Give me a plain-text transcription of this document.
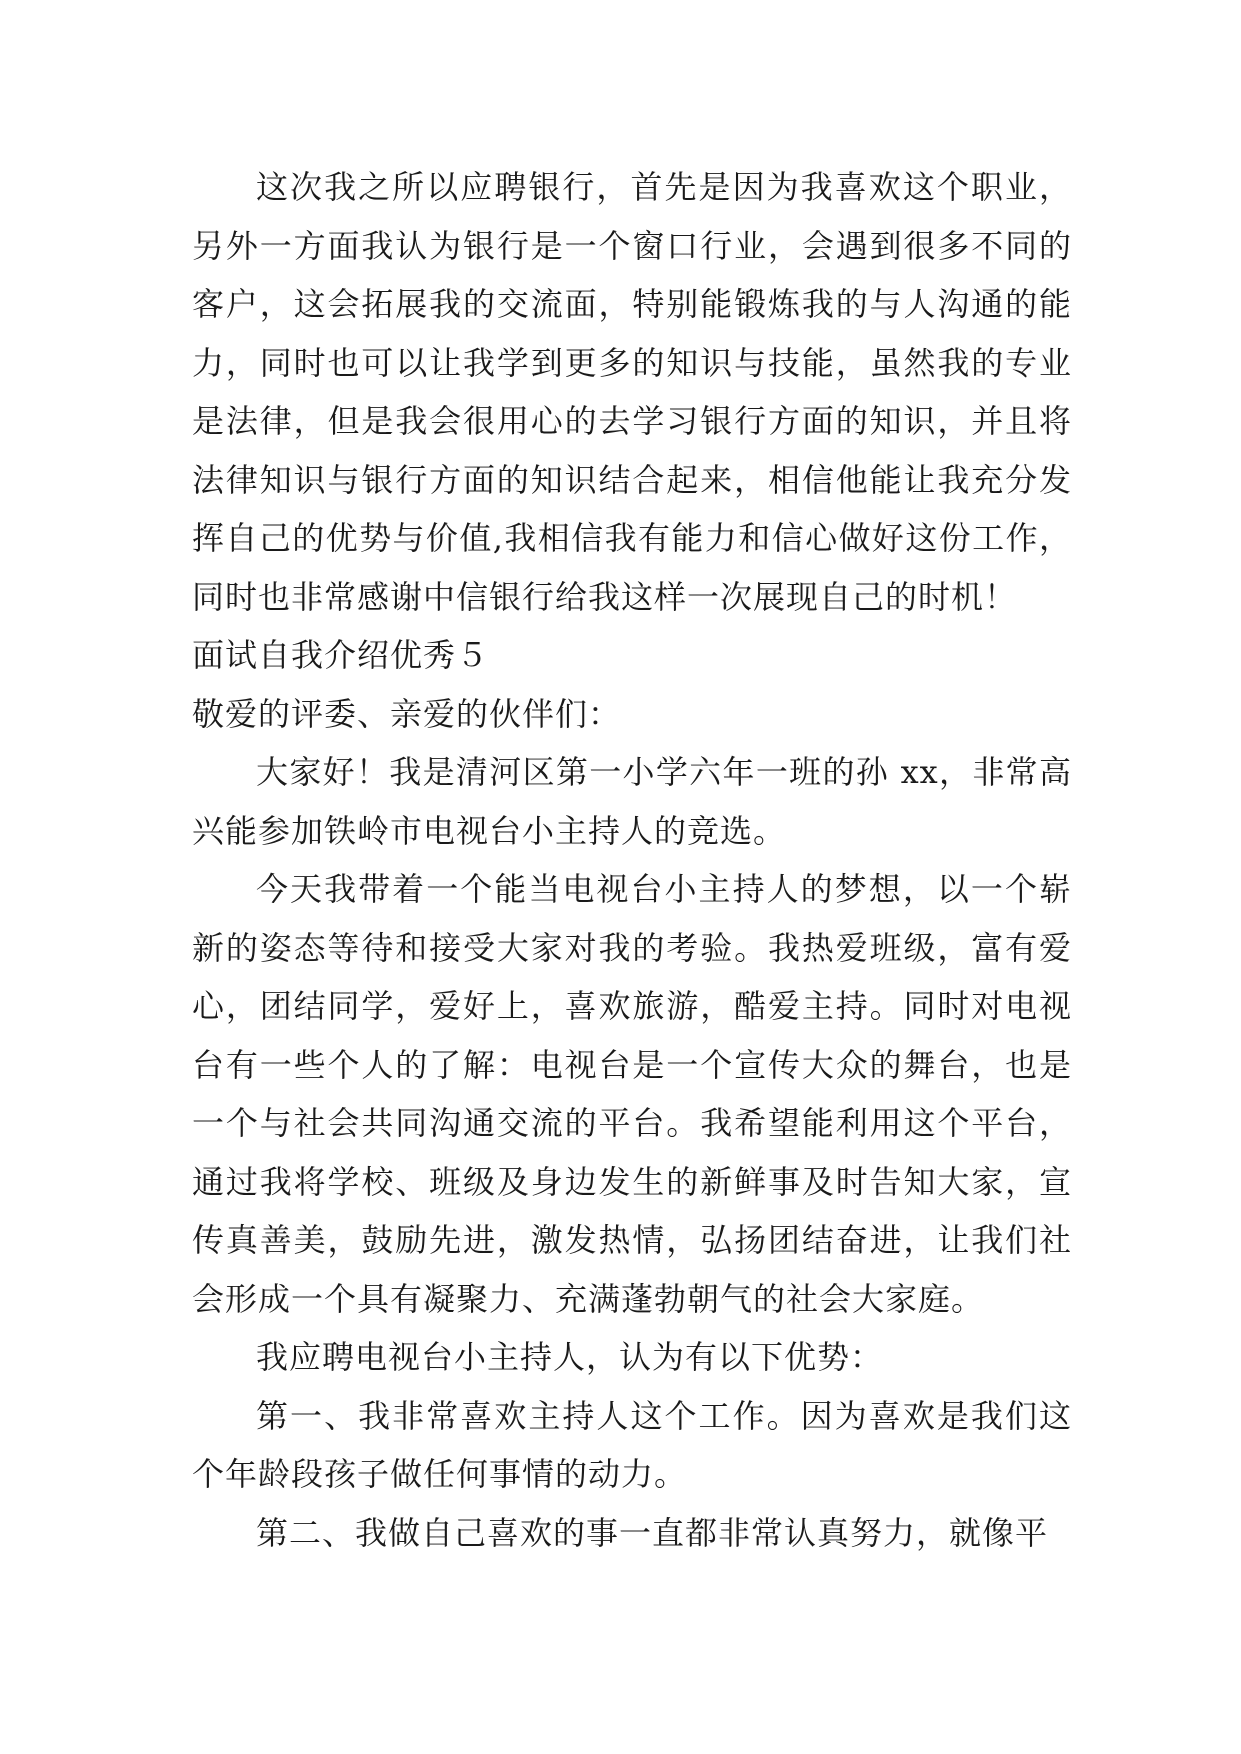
这次我之所以应聘银行，首先是因为我喜欢这个职业，另外一方面我认为银行是一个窗口行业，会遇到很多不同的客户，这会拓展我的交流面，特别能锻炼我的与人沟通的能力，同时也可以让我学到更多的知识与技能，虽然我的专业是法律，但是我会很用心的去学习银行方面的知识，并且将法律知识与银行方面的知识结合起来，相信他能让我充分发挥自己的优势与价值,我相信我有能力和信心做好这份工作，同时也非常感谢中信银行给我这样一次展现自己的时机！

面试自我介绍优秀５

敬爱的评委、亲爱的伙伴们：

大家好！我是清河区第一小学六年一班的孙 xx，非常高兴能参加铁岭市电视台小主持人的竞选。

今天我带着一个能当电视台小主持人的梦想，以一个崭新的姿态等待和接受大家对我的考验。我热爱班级，富有爱心，团结同学，爱好上，喜欢旅游，酷爱主持。同时对电视台有一些个人的了解：电视台是一个宣传大众的舞台，也是一个与社会共同沟通交流的平台。我希望能利用这个平台，通过我将学校、班级及身边发生的新鲜事及时告知大家，宣传真善美，鼓励先进，激发热情，弘扬团结奋进，让我们社会形成一个具有凝聚力、充满蓬勃朝气的社会大家庭。

我应聘电视台小主持人，认为有以下优势：

第一、我非常喜欢主持人这个工作。因为喜欢是我们这个年龄段孩子做任何事情的动力。

第二、我做自己喜欢的事一直都非常认真努力，就像平
